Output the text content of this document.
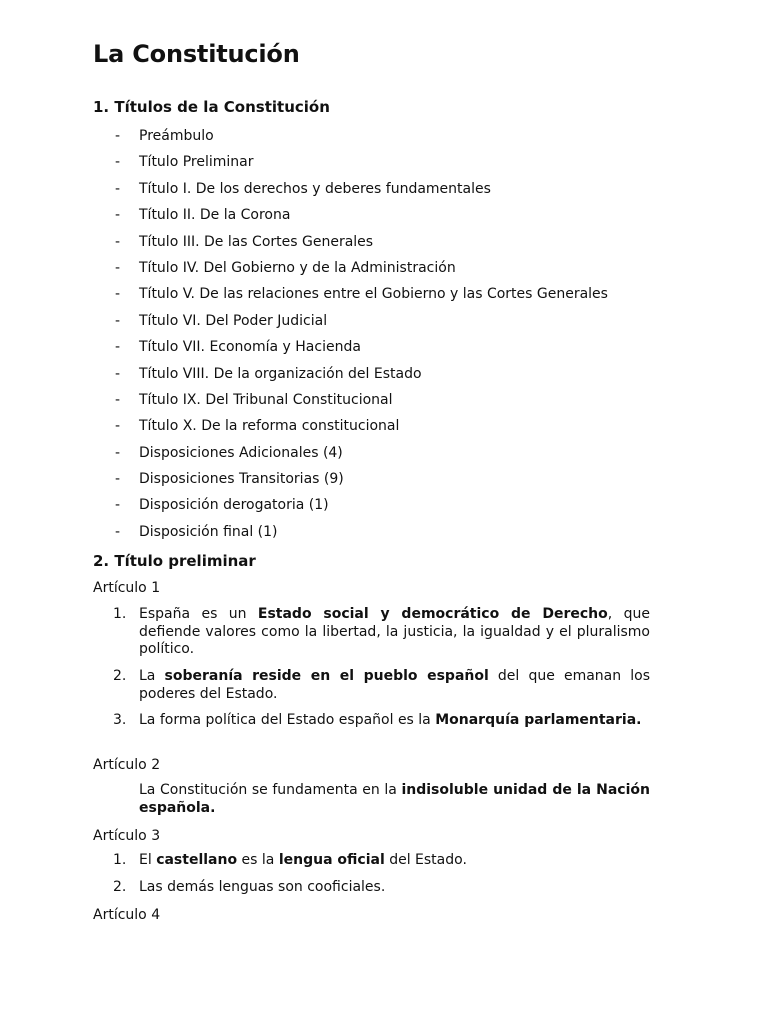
La Constitución
1. Títulos de la Constitución
- Preámbulo
- Título Preliminar
- Título I. De los derechos y deberes fundamentales
- Título II. De la Corona
- Título III. De las Cortes Generales
- Título IV. Del Gobierno y de la Administración
- Título V. De las relaciones entre el Gobierno y las Cortes Generales
- Título VI. Del Poder Judicial
- Título VII. Economía y Hacienda
- Título VIII. De la organización del Estado
- Título IX. Del Tribunal Constitucional
- Título X. De la reforma constitucional
- Disposiciones Adicionales (4)
- Disposiciones Transitorias (9)
- Disposición derogatoria (1)
- Disposición final (1)
2. Título preliminar
Artículo 1
1. España es un Estado social y democrático de Derecho, que defiende valores como la libertad, la justicia, la igualdad y el pluralismo político.
2. La soberanía reside en el pueblo español del que emanan los poderes del Estado.
3. La forma política del Estado español es la Monarquía parlamentaria.
Artículo 2
La Constitución se fundamenta en la indisoluble unidad de la Nación española.
Artículo 3
1. El castellano es la lengua oficial del Estado.
2. Las demás lenguas son cooficiales.
Artículo 4
